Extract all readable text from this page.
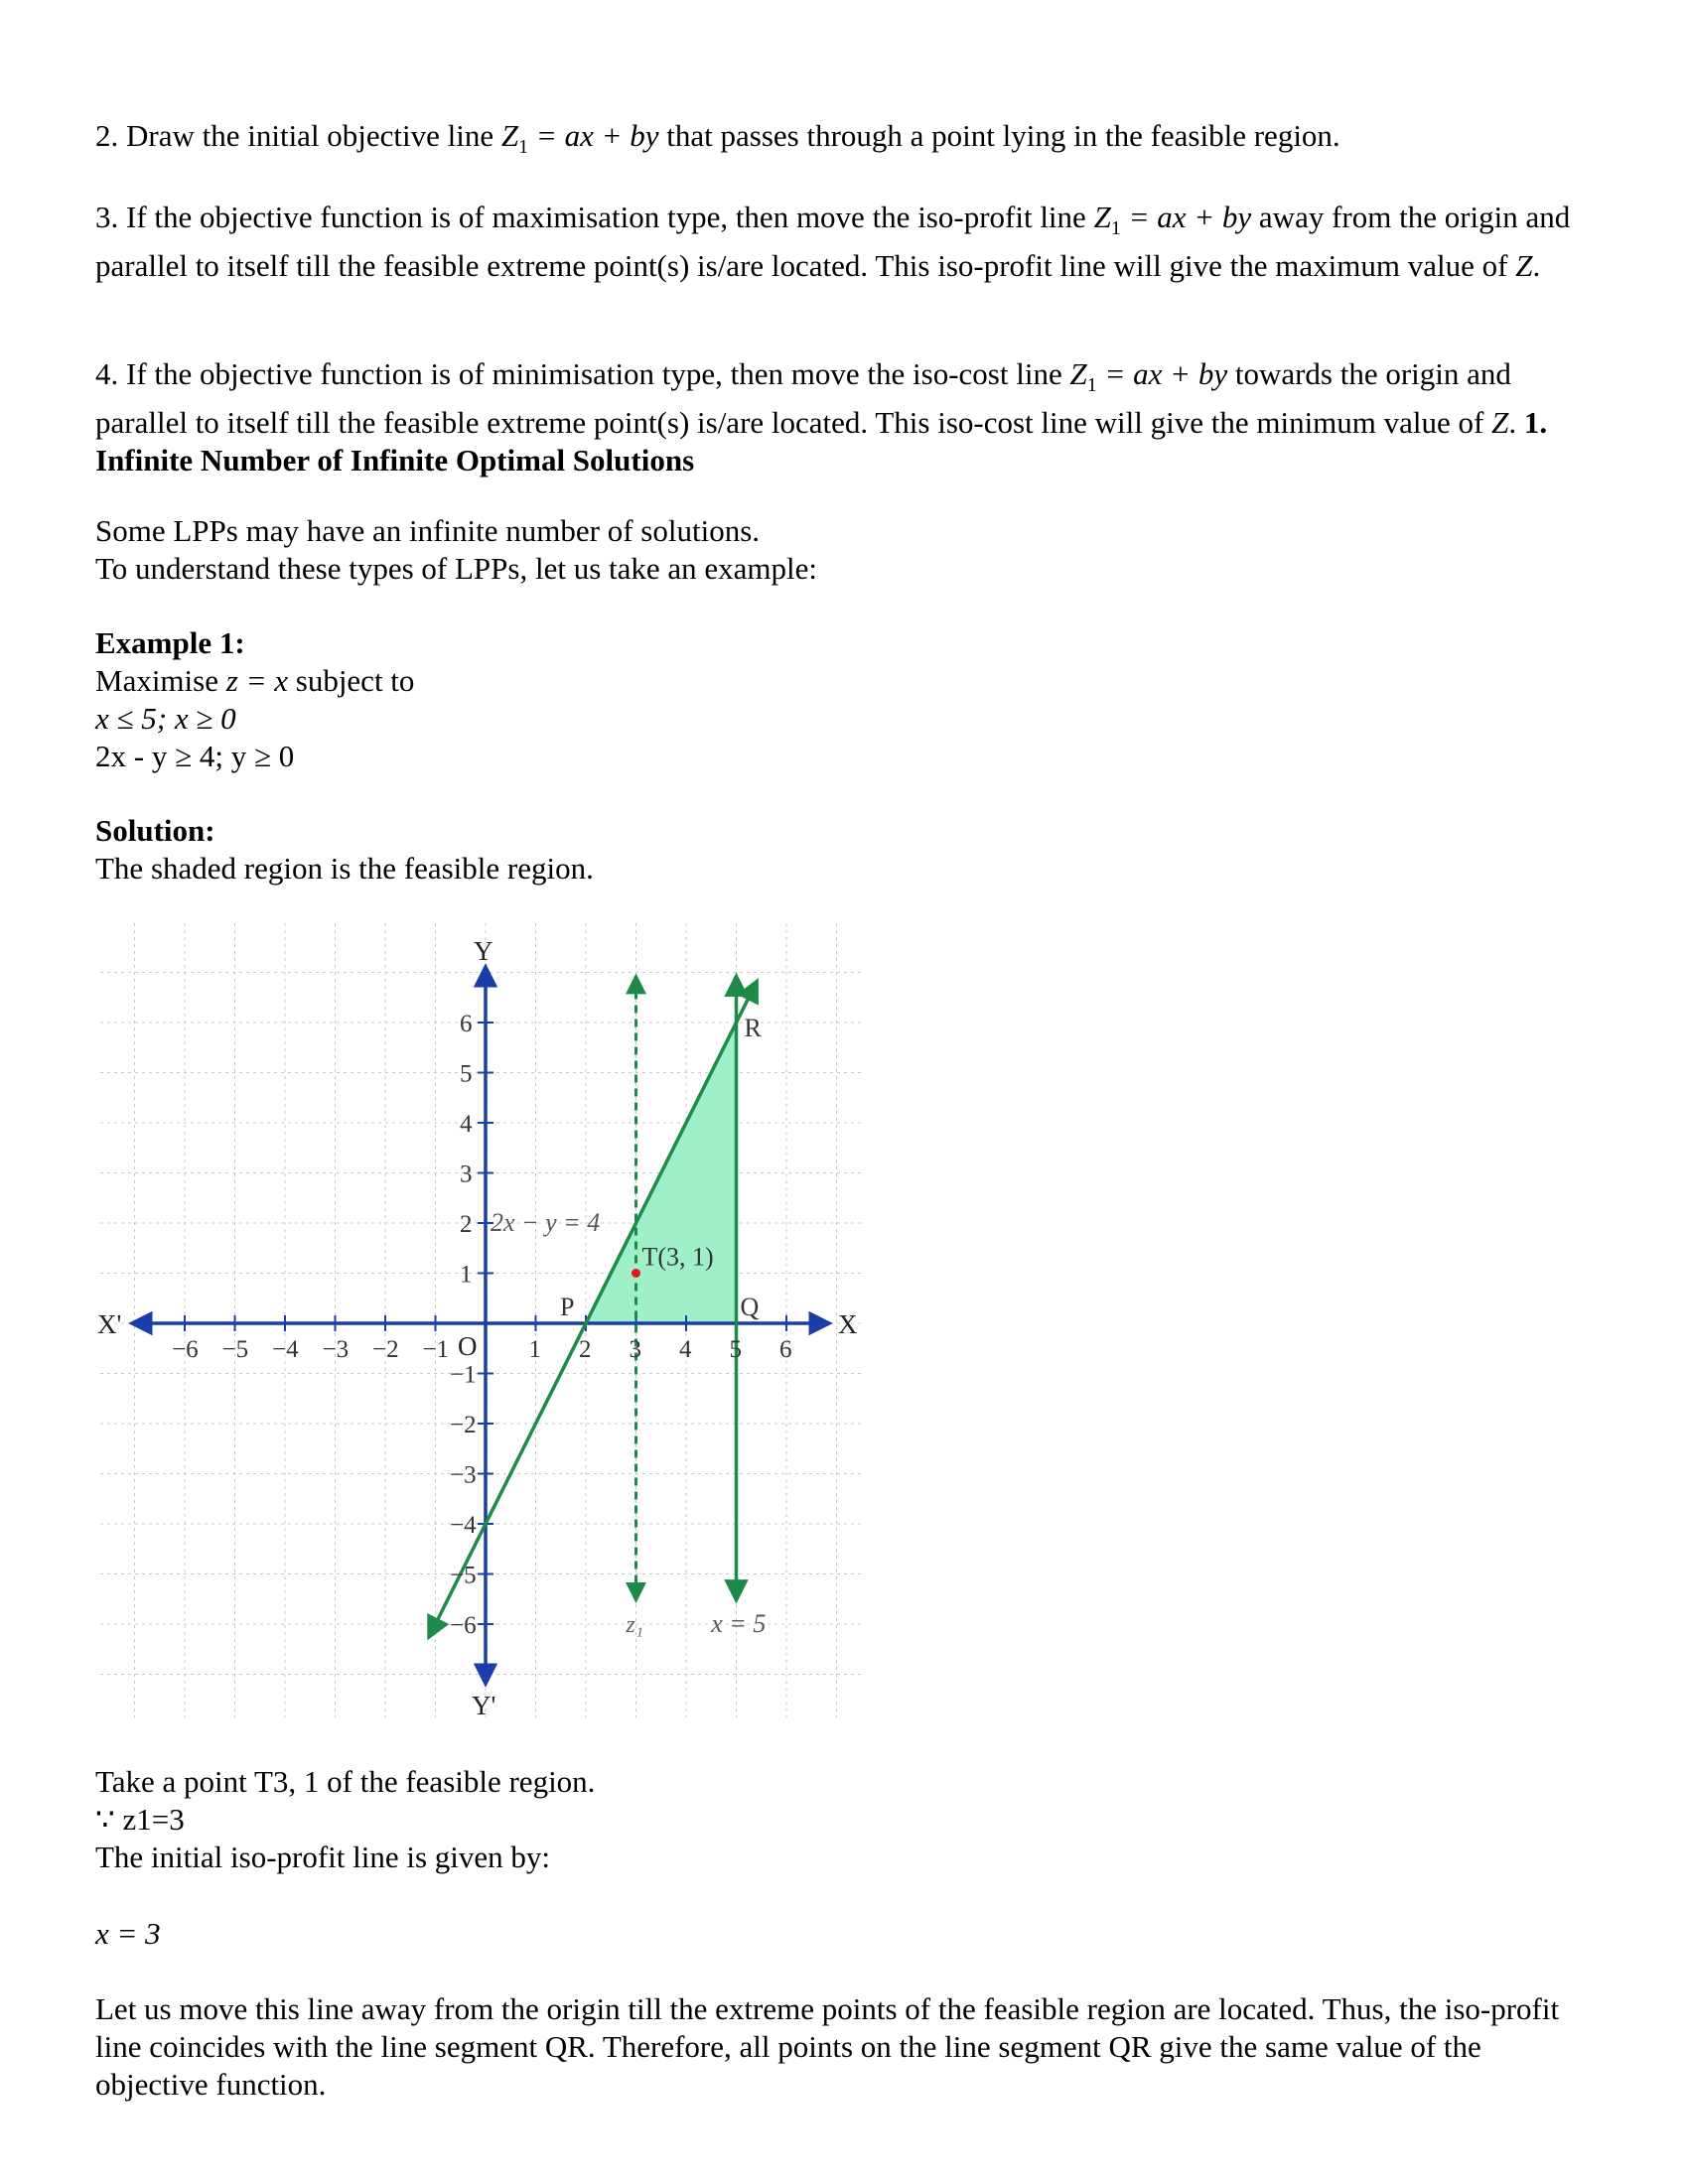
2. Draw the initial objective line $Z_1$ = ax + by that passes through a point lying in the feasible region.

3. If the objective function is of maximisation type, then move the iso-profit line $Z_1$ = ax + by away from the origin and parallel to itself till the feasible extreme point(s) is/are located. This iso-profit line will give the maximum value of Z.

4. If the objective function is of minimisation type, then move the iso-cost line $Z_1$ = ax + by towards the origin and parallel to itself till the feasible extreme point(s) is/are located. This iso-cost line will give the minimum value of Z. 1. Infinite Number of Infinite Optimal Solutions

Some LPPs may have an infinite number of solutions.

To understand these types of LPPs, let us take an example:

Example 1:

Maximise z = x subject to

x ≤ 5; x ≥ 0

2x - y ≥ 4; y ≥ 0

Solution:

The shaded region is the feasible region.

X
X'
Y
Y'
O
−6 −5 −4 −3 −2 −1	1 2 3 4 5 6
−6
−5
−4
−3
−2
−1
1
2
3
4
5
6
2x − y = 4
z₁	x = 5
P	Q
R
T(3, 1)

Take a point T3, 1 of the feasible region.

∵ z1=3

The initial iso-profit line is given by:

x = 3

Let us move this line away from the origin till the extreme points of the feasible region are located. Thus, the iso-profit line coincides with the line segment QR. Therefore, all points on the line segment QR give the same value of the objective function.
